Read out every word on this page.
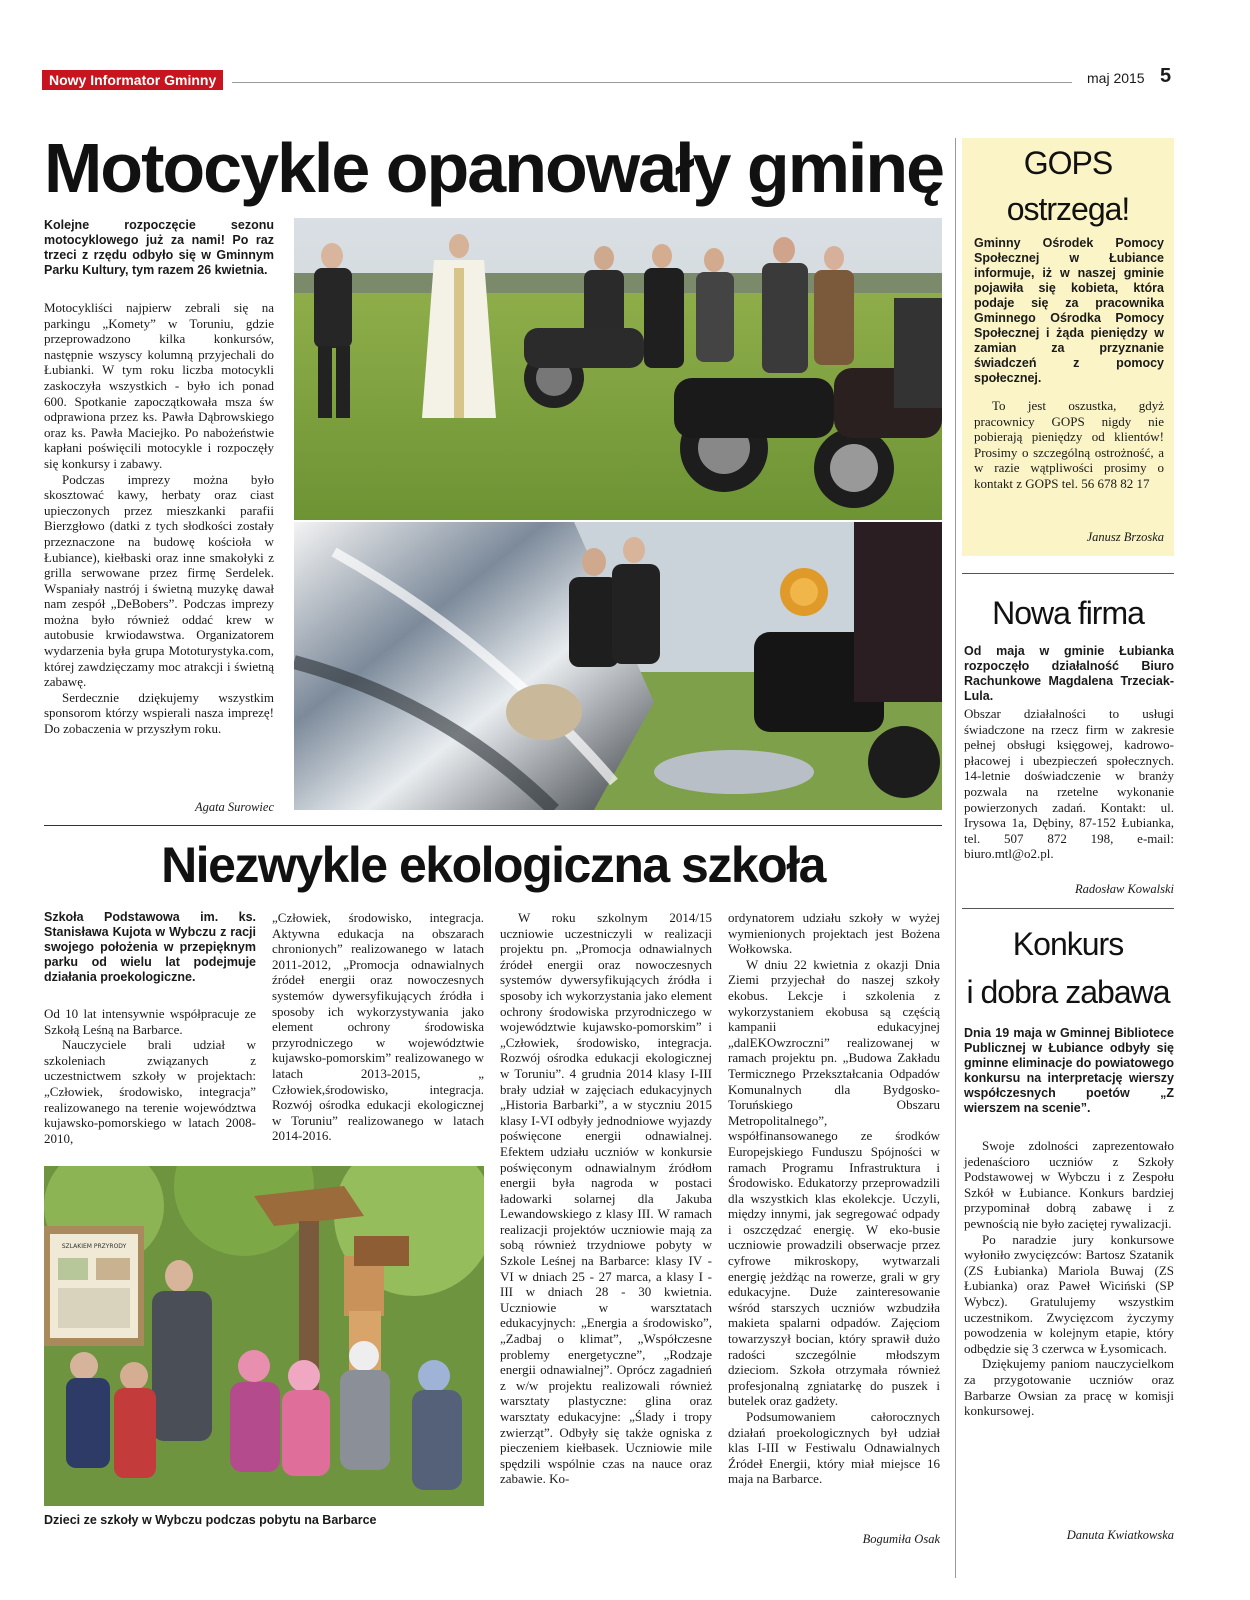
Nowy Informator Gminny	maj 2015 5
Motocykle opanowały gminę
Kolejne rozpoczęcie sezonu motocyklowego już za nami! Po raz trzeci z rzędu odbyło się w Gminnym Parku Kultury, tym razem 26 kwietnia.

Motocykliści najpierw zebrali się na parkingu „Komety” w Toruniu, gdzie przeprowadzono kilka konkursów, następnie wszyscy kolumną przyjechali do Łubianki. W tym roku liczba motocykli zaskoczyła wszystkich - było ich ponad 600. Spotkanie zapoczątkowała msza św odprawiona przez ks. Pawła Dąbrowskiego oraz ks. Pawła Maciejko. Po nabożeństwie kapłani poświęcili motocykle i rozpoczęły się konkursy i zabawy.

Podczas imprezy można było skosztować kawy, herbaty oraz ciast upieczonych przez mieszkanki parafii Bierzgłowo (datki z tych słodkości zostały przeznaczone na budowę kościoła w Łubiance), kiełbaski oraz inne smakołyki z grilla serwowane przez firmę Serdelek. Wspaniały nastrój i świetną muzykę dawał nam zespół „DeBobers”. Podczas imprezy można było również oddać krew w autobusie krwiodawstwa. Organizatorem wydarzenia była grupa Mototurystyka.com, której zawdzięczamy moc atrakcji i świetną zabawę.

Serdecznie dziękujemy wszystkim sponsorom którzy wspierali nasza imprezę! Do zobaczenia w przyszłym roku.

Agata Surowiec
GOPS
ostrzega!
Gminny Ośrodek Pomocy Społecznej w Łubiance informuje, iż w naszej gminie pojawiła się kobieta, która podaje się za pracownika Gminnego Ośrodka Pomocy Społecznej i żąda pieniędzy w zamian za przyznanie świadczeń z pomocy społecznej.

To jest oszustka, gdyż pracownicy GOPS nigdy nie pobierają pieniędzy od klientów! Prosimy o szczególną ostrożność, a w razie wątpliwości prosimy o kontakt z GOPS tel. 56 678 82 17

Janusz Brzoska
Nowa firma
Od maja w gminie Łubianka rozpoczęło działalność Biuro Rachunkowe Magdalena Trzeciak-Lula.

Obszar działalności to usługi świadczone na rzecz firm w zakresie pełnej obsługi księgowej, kadrowo-płacowej i ubezpieczeń społecznych. 14-letnie doświadczenie w branży pozwala na rzetelne wykonanie powierzonych zadań. Kontakt: ul. Irysowa 1a, Dębiny, 87-152 Łubianka, tel. 507 872 198, e-mail: biuro.mtl@o2.pl.

Radosław Kowalski
Konkurs
i dobra zabawa
Dnia 19 maja w Gminnej Bibliotece Publicznej w Łubiance odbyły się gminne eliminacje do powiatowego konkursu na interpretację wierszy współczesnych poetów „Z wierszem na scenie”.

Swoje zdolności zaprezentowało jedenaścioro uczniów z Szkoły Podstawowej w Wybczu i z Zespołu Szkół w Łubiance. Konkurs bardziej przypominał dobrą zabawę i z pewnością nie było zaciętej rywalizacji.

Po naradzie jury konkursowe wyłoniło zwycięzców: Bartosz Szatanik (ZS Łubianka) Mariola Buwaj (ZS Łubianka) oraz Paweł Wiciński (SP Wybcz). Gratulujemy wszystkim uczestnikom. Zwycięzcom życzymy powodzenia w kolejnym etapie, który odbędzie się 3 czerwca w Łysomicach.

Dziękujemy paniom nauczycielkom za przygotowanie uczniów oraz Barbarze Owsian za pracę w komisji konkursowej.

Danuta Kwiatkowska
Niezwykle ekologiczna szkoła
Szkoła Podstawowa im. ks. Stanisława Kujota w Wybczu z racji swojego położenia w przepięknym parku od wielu lat podejmuje działania proekologiczne.

Od 10 lat intensywnie współpracuje ze Szkołą Leśną na Barbarce.

Nauczyciele brali udział w szkoleniach związanych z uczestnictwem szkoły w projektach: „Człowiek, środowisko, integracja” realizowanego na terenie województwa kujawsko-pomorskiego w latach 2008-2010,

„Człowiek, środowisko, integracja. Aktywna edukacja na obszarach chronionych” realizowanego w latach 2011-2012, „Promocja odnawialnych źródeł energii oraz nowoczesnych systemów dywersyfikujących źródła i sposoby ich wykorzystywania jako element ochrony środowiska przyrodniczego w województwie kujawsko-pomorskim” realizowanego w latach 2013-2015, „ Człowiek,środowisko, integracja. Rozwój ośrodka edukacji ekologicznej w Toruniu” realizowanego w latach 2014-2016.

W roku szkolnym 2014/15 uczniowie uczestniczyli w realizacji projektu pn. „Promocja odnawialnych źródeł energii oraz nowoczesnych systemów dywersyfikujących źródła i sposoby ich wykorzystania jako element ochrony środowiska przyrodniczego w województwie kujawsko-pomorskim” i „Człowiek, środowisko, integracja. Rozwój ośrodka edukacji ekologicznej w Toruniu”. 4 grudnia 2014 klasy I-III brały udział w zajęciach edukacyjnych „Historia Barbarki”, a w styczniu 2015 klasy I-VI odbyły jednodniowe wyjazdy poświęcone energii odnawialnej. Efektem udziału uczniów w konkursie poświęconym odnawialnym źródłom energii była nagroda w postaci ładowarki solarnej dla Jakuba Lewandowskiego z klasy III. W ramach realizacji projektów uczniowie mają za sobą również trzydniowe pobyty w Szkole Leśnej na Barbarce: klasy IV - VI w dniach 25 - 27 marca, a klasy I - III w dniach 28 - 30 kwietnia. Uczniowie w warsztatach edukacyjnych: „Energia a środowisko”, „Zadbaj o klimat”, „Współczesne problemy energetyczne”, „Rodzaje energii odnawialnej”. Oprócz zagadnień z w/w projektu realizowali również warsztaty plastyczne: glina oraz warsztaty edukacyjne: „Ślady i tropy zwierząt”. Odbyły się także ogniska z pieczeniem kiełbasek. Uczniowie mile spędzili wspólnie czas na nauce oraz zabawie. Ko-

ordynatorem udziału szkoły w wyżej wymienionych projektach jest Bożena Wołkowska.

W dniu 22 kwietnia z okazji Dnia Ziemi przyjechał do naszej szkoły ekobus. Lekcje i szkolenia z wykorzystaniem ekobusa są częścią kampanii edukacyjnej „dalEKOwzroczni” realizowanej w ramach projektu pn. „Budowa Zakładu Termicznego Przekształcania Odpadów Komunalnych dla Bydgosko-Toruńskiego Obszaru Metropolitalnego”, współfinansowanego ze środków Europejskiego Funduszu Spójności w ramach Programu Infrastruktura i Środowisko. Edukatorzy przeprowadzili dla wszystkich klas ekolekcje. Uczyli, między innymi, jak segregować odpady i oszczędzać energię. W eko-busie uczniowie prowadzili obserwacje przez cyfrowe mikroskopy, wytwarzali energię jeżdżąc na rowerze, grali w gry edukacyjne. Duże zainteresowanie wśród starszych uczniów wzbudziła makieta spalarni odpadów. Zajęciom towarzyszył bocian, który sprawił dużo radości szczególnie młodszym dzieciom. Szkoła otrzymała również profesjonalną zgniatarkę do puszek i butelek oraz gadżety.

Podsumowaniem całorocznych działań proekologicznych był udział klas I-III w Festiwalu Odnawialnych Źródeł Energii, który miał miejsce 16 maja na Barbarce.

Bogumiła Osak
SZLAKIEM PRZYRODY
Dzieci ze szkoły w Wybczu podczas pobytu na Barbarce
